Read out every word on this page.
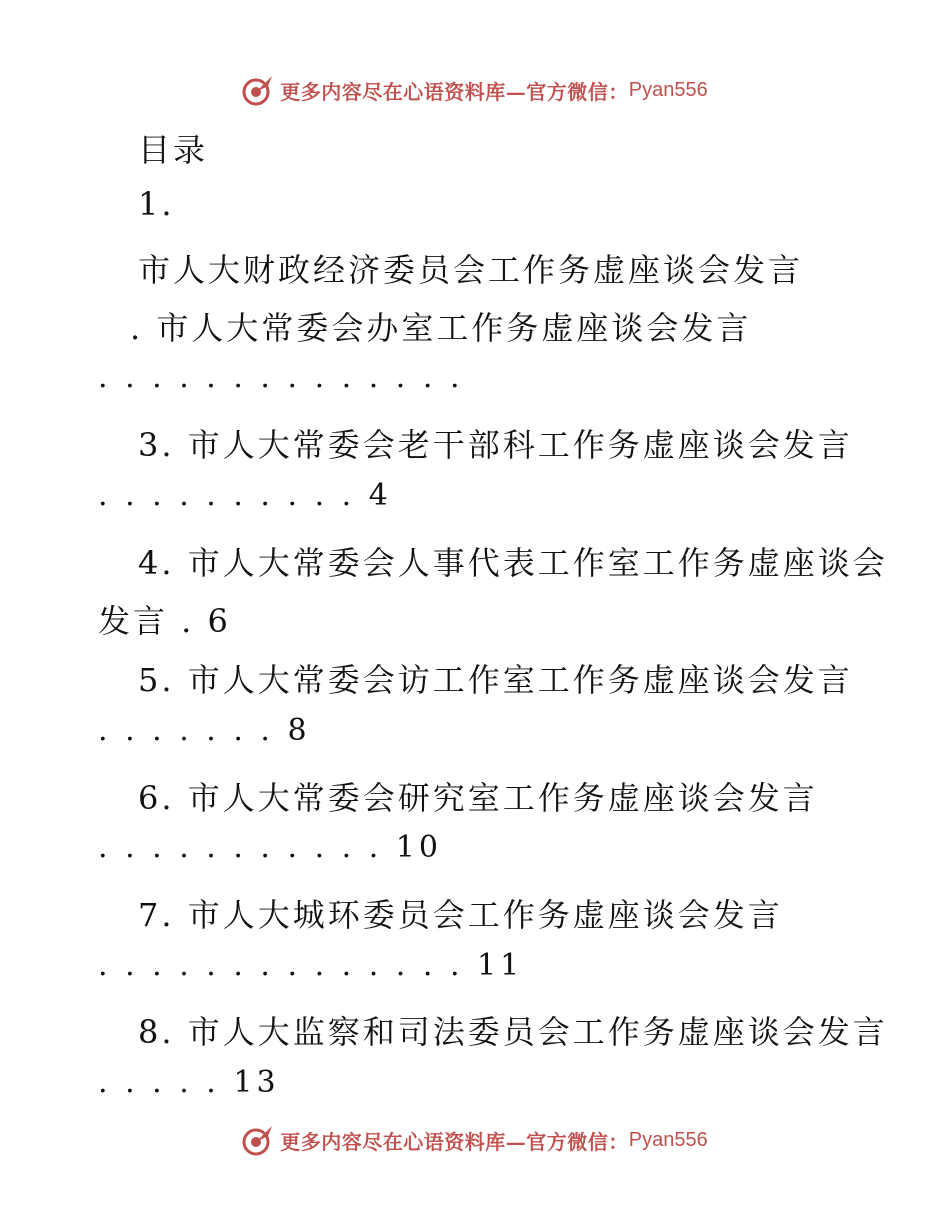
更多内容尽在心语资料库—官方微信： Pyan556
目录
1.
市人大财政经济委员会工作务虚座谈会发言
. 市人大常委会办室工作务虚座谈会发言
. . . . . . . . . . . . . .
3. 市人大常委会老干部科工作务虚座谈会发言
. . . . . . . . . . 4
4. 市人大常委会人事代表工作室工作务虚座谈会
发言 . 6
5. 市人大常委会访工作室工作务虚座谈会发言
. . . . . . . 8
6. 市人大常委会研究室工作务虚座谈会发言
. . . . . . . . . . . 10
7. 市人大城环委员会工作务虚座谈会发言
. . . . . . . . . . . . . . 11
8. 市人大监察和司法委员会工作务虚座谈会发言
. . . . . 13
更多内容尽在心语资料库—官方微信： Pyan556
